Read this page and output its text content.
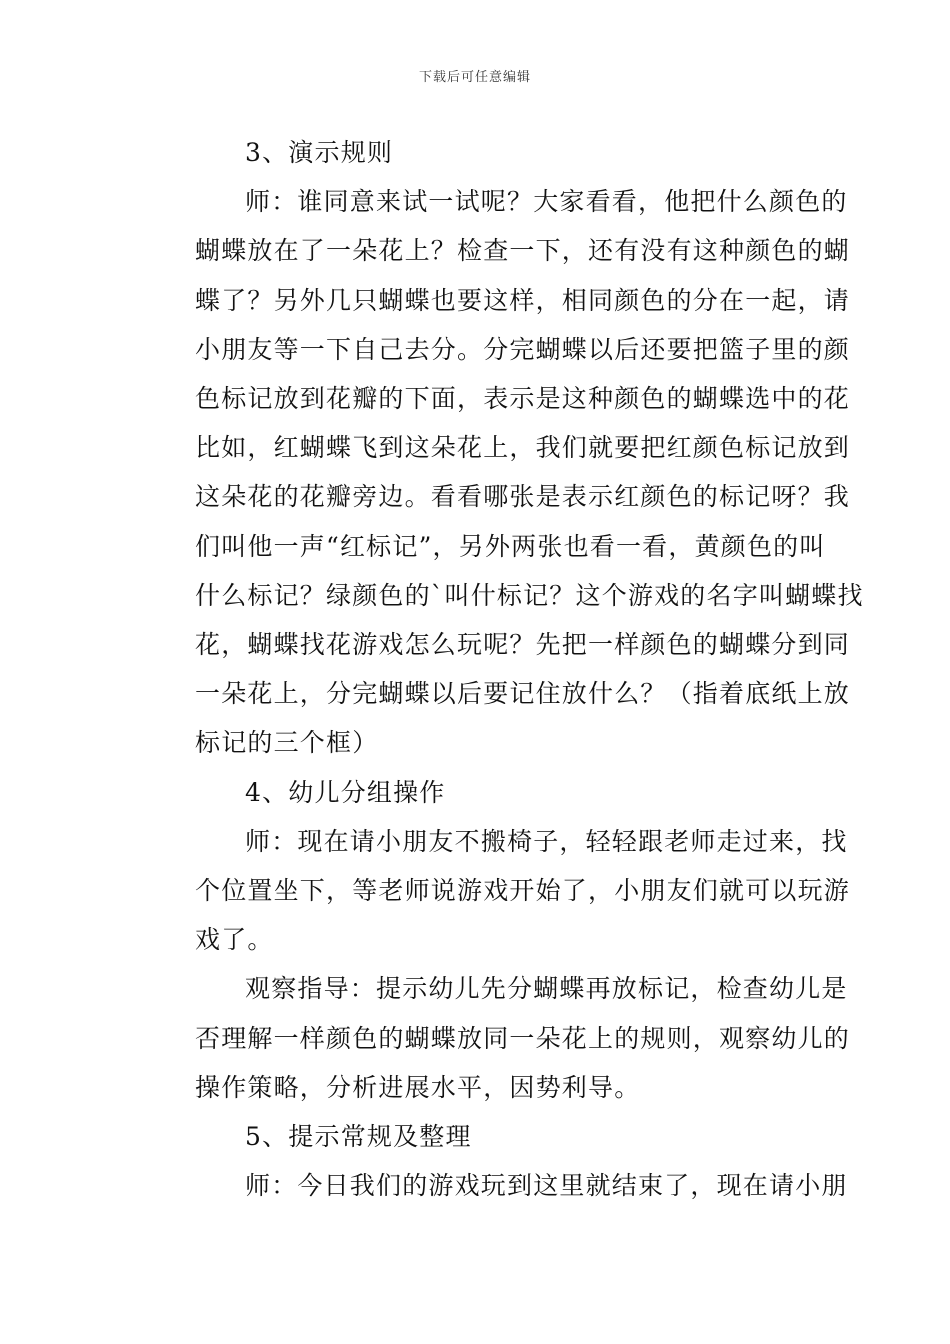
下载后可任意编辑
3、演示规则
师：谁同意来试一试呢？大家看看，他把什么颜色的
蝴蝶放在了一朵花上？检查一下，还有没有这种颜色的蝴
蝶了？另外几只蝴蝶也要这样，相同颜色的分在一起，请
小朋友等一下自己去分。分完蝴蝶以后还要把篮子里的颜
色标记放到花瓣的下面，表示是这种颜色的蝴蝶选中的花
比如，红蝴蝶飞到这朵花上，我们就要把红颜色标记放到
这朵花的花瓣旁边。看看哪张是表示红颜色的标记呀？我
们叫他一声“红标记”，另外两张也看一看，黄颜色的叫
什么标记？绿颜色的`叫什标记？这个游戏的名字叫蝴蝶找
花，蝴蝶找花游戏怎么玩呢？先把一样颜色的蝴蝶分到同
一朵花上，分完蝴蝶以后要记住放什么？（指着底纸上放
标记的三个框）
4、幼儿分组操作
师：现在请小朋友不搬椅子，轻轻跟老师走过来，找
个位置坐下，等老师说游戏开始了，小朋友们就可以玩游
戏了。
观察指导：提示幼儿先分蝴蝶再放标记，检查幼儿是
否理解一样颜色的蝴蝶放同一朵花上的规则，观察幼儿的
操作策略，分析进展水平，因势利导。
5、提示常规及整理
师：今日我们的游戏玩到这里就结束了，现在请小朋
